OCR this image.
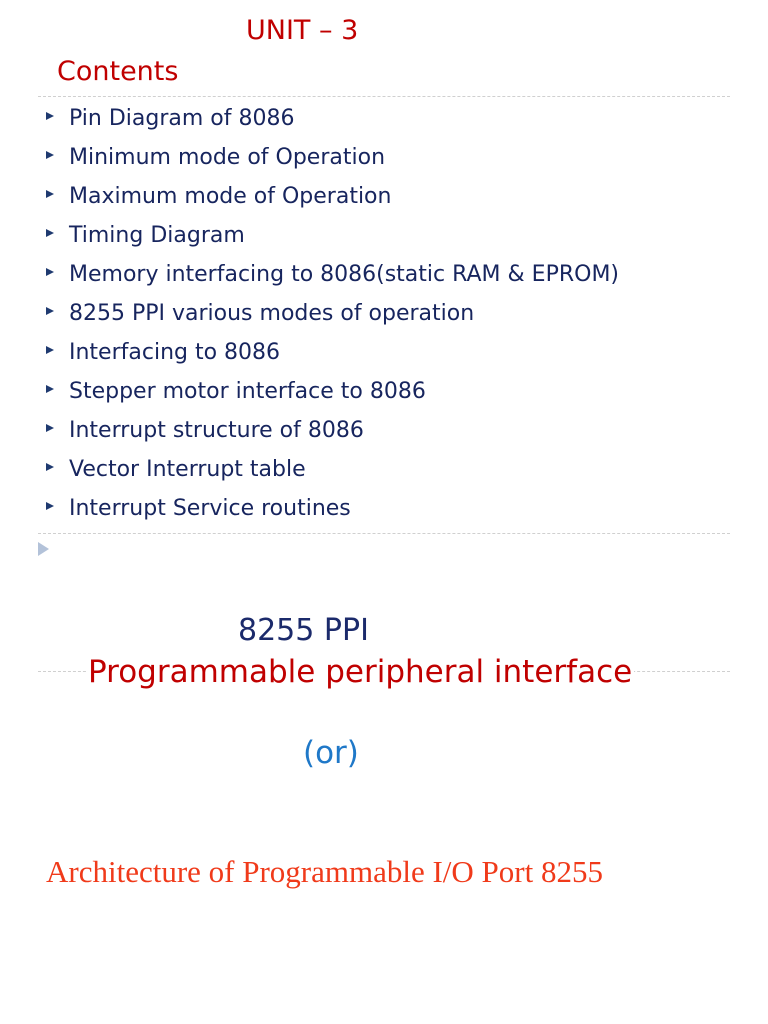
UNIT – 3
Contents
Pin Diagram of 8086
Minimum mode of Operation
Maximum mode of Operation
Timing Diagram
Memory interfacing to 8086(static RAM & EPROM)
8255 PPI various modes of operation
Interfacing to 8086
Stepper motor interface to 8086
Interrupt structure of 8086
Vector Interrupt table
Interrupt Service routines
8255 PPI
Programmable peripheral interface
(or)
Architecture of Programmable I/O Port 8255
